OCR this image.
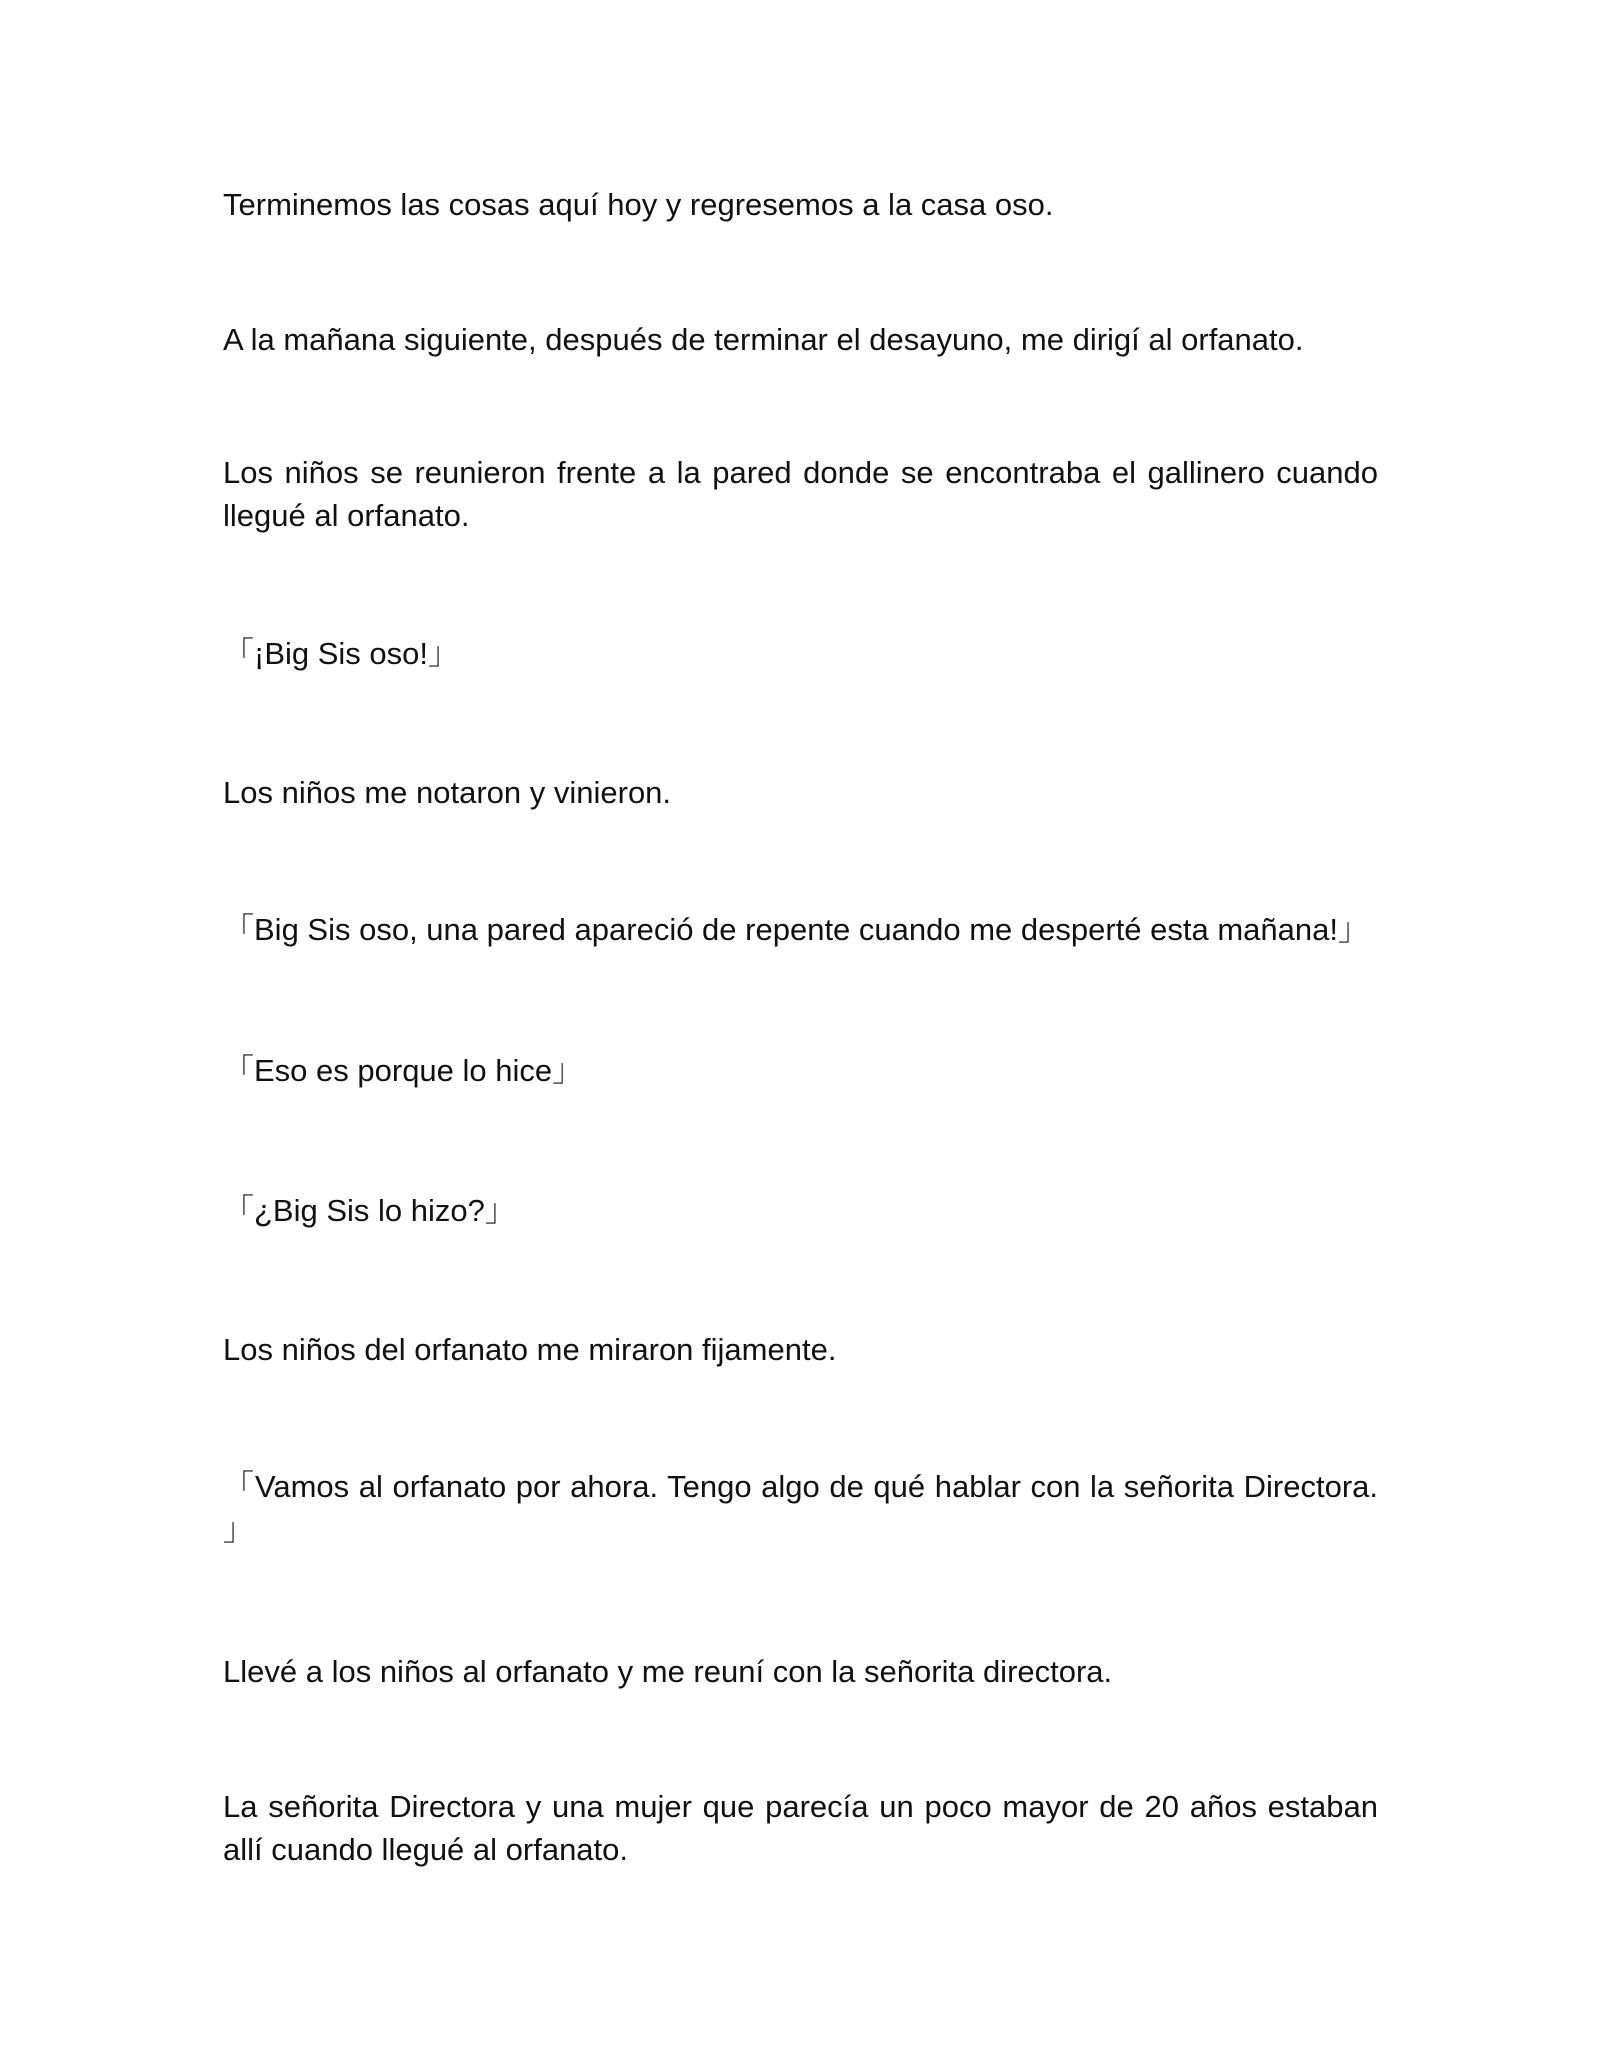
Terminemos las cosas aquí hoy y regresemos a la casa oso.

A la mañana siguiente, después de terminar el desayuno, me dirigí al orfanato.

Los niños se reunieron frente a la pared donde se encontraba el gallinero cuando llegué al orfanato.

「¡Big Sis oso!」

Los niños me notaron y vinieron.

「Big Sis oso, una pared apareció de repente cuando me desperté esta mañana!」

「Eso es porque lo hice」

「¿Big Sis lo hizo?」

Los niños del orfanato me miraron fijamente.

「Vamos al orfanato por ahora. Tengo algo de qué hablar con la señorita Directora. 」

Llevé a los niños al orfanato y me reuní con la señorita directora.

La señorita Directora y una mujer que parecía un poco mayor de 20 años estaban allí cuando llegué al orfanato.
